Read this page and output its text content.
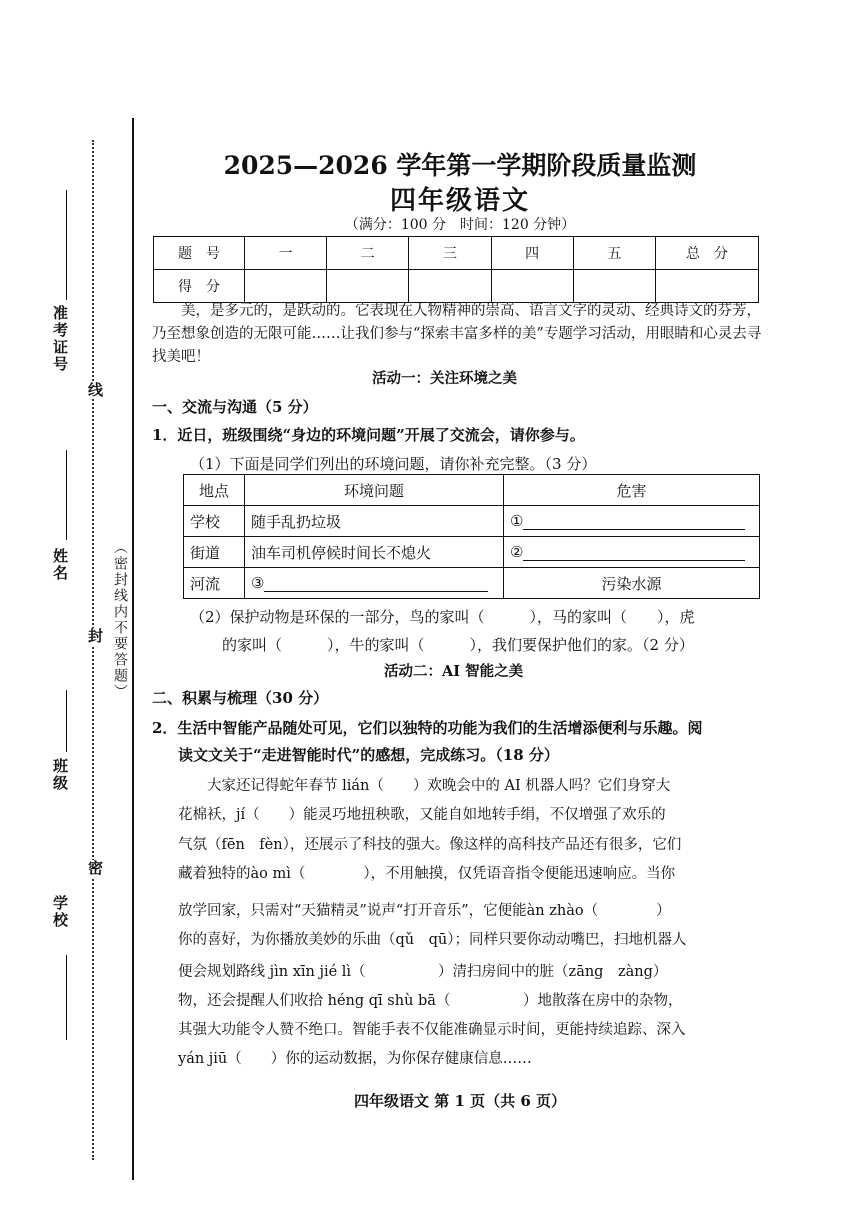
准考证号
姓名
班级
学校
线
封
密
（密封线内不要答题）
2025—2026 学年第一学期阶段质量监测
四年级语文
（满分：100 分　时间：120 分钟）
题　号	一	二	三	四	五	总　分
得　分						
美，是多元的，是跃动的。它表现在人物精神的崇高、语言文字的灵动、经典诗文的芬芳，乃至想象创造的无限可能……让我们参与“探索丰富多样的美”专题学习活动，用眼睛和心灵去寻找美吧！
活动一：关注环境之美
一、交流与沟通（5 分）
1．近日，班级围绕“身边的环境问题”开展了交流会，请你参与。
（1）下面是同学们列出的环境问题，请你补充完整。（3 分）
地点	环境问题	危害
学校	随手乱扔垃圾	①
街道	油车司机停候时间长不熄火	②
河流	③	污染水源
（2）保护动物是环保的一部分，鸟的家叫（　　　），马的家叫（　　），虎
的家叫（　　　），牛的家叫（　　　），我们要保护他们的家。（2 分）
活动二：AI 智能之美
二、积累与梳理（30 分）
2．生活中智能产品随处可见，它们以独特的功能为我们的生活增添便利与乐趣。阅
读文文关于“走进智能时代”的感想，完成练习。（18 分）
　　大家还记得蛇年春节 lián（　　）欢晚会中的 AI 机器人吗？它们身穿大
花棉袄，jí（　　）能灵巧地扭秧歌，又能自如地转手绢，不仅增强了欢乐的
气氛（fēn　fèn），还展示了科技的强大。像这样的高科技产品还有很多，它们
藏着独特的ào mì（　　　　），不用触摸，仅凭语音指令便能迅速响应。当你
放学回家，只需对“天猫精灵”说声“打开音乐”，它便能àn zhào（　　　　）
你的喜好，为你播放美妙的乐曲（qǔ　qū）；同样只要你动动嘴巴，扫地机器人
便会规划路线 jìn xīn jié lì（　　　　　）清扫房间中的脏（zāng　zàng）
物，还会提醒人们收拾 héng qī shù bā（　　　　　）地散落在房中的杂物，
其强大功能令人赞不绝口。智能手表不仅能准确显示时间，更能持续追踪、深入
yán jiū（　　）你的运动数据，为你保存健康信息……
四年级语文 第 1 页（共 6 页）
